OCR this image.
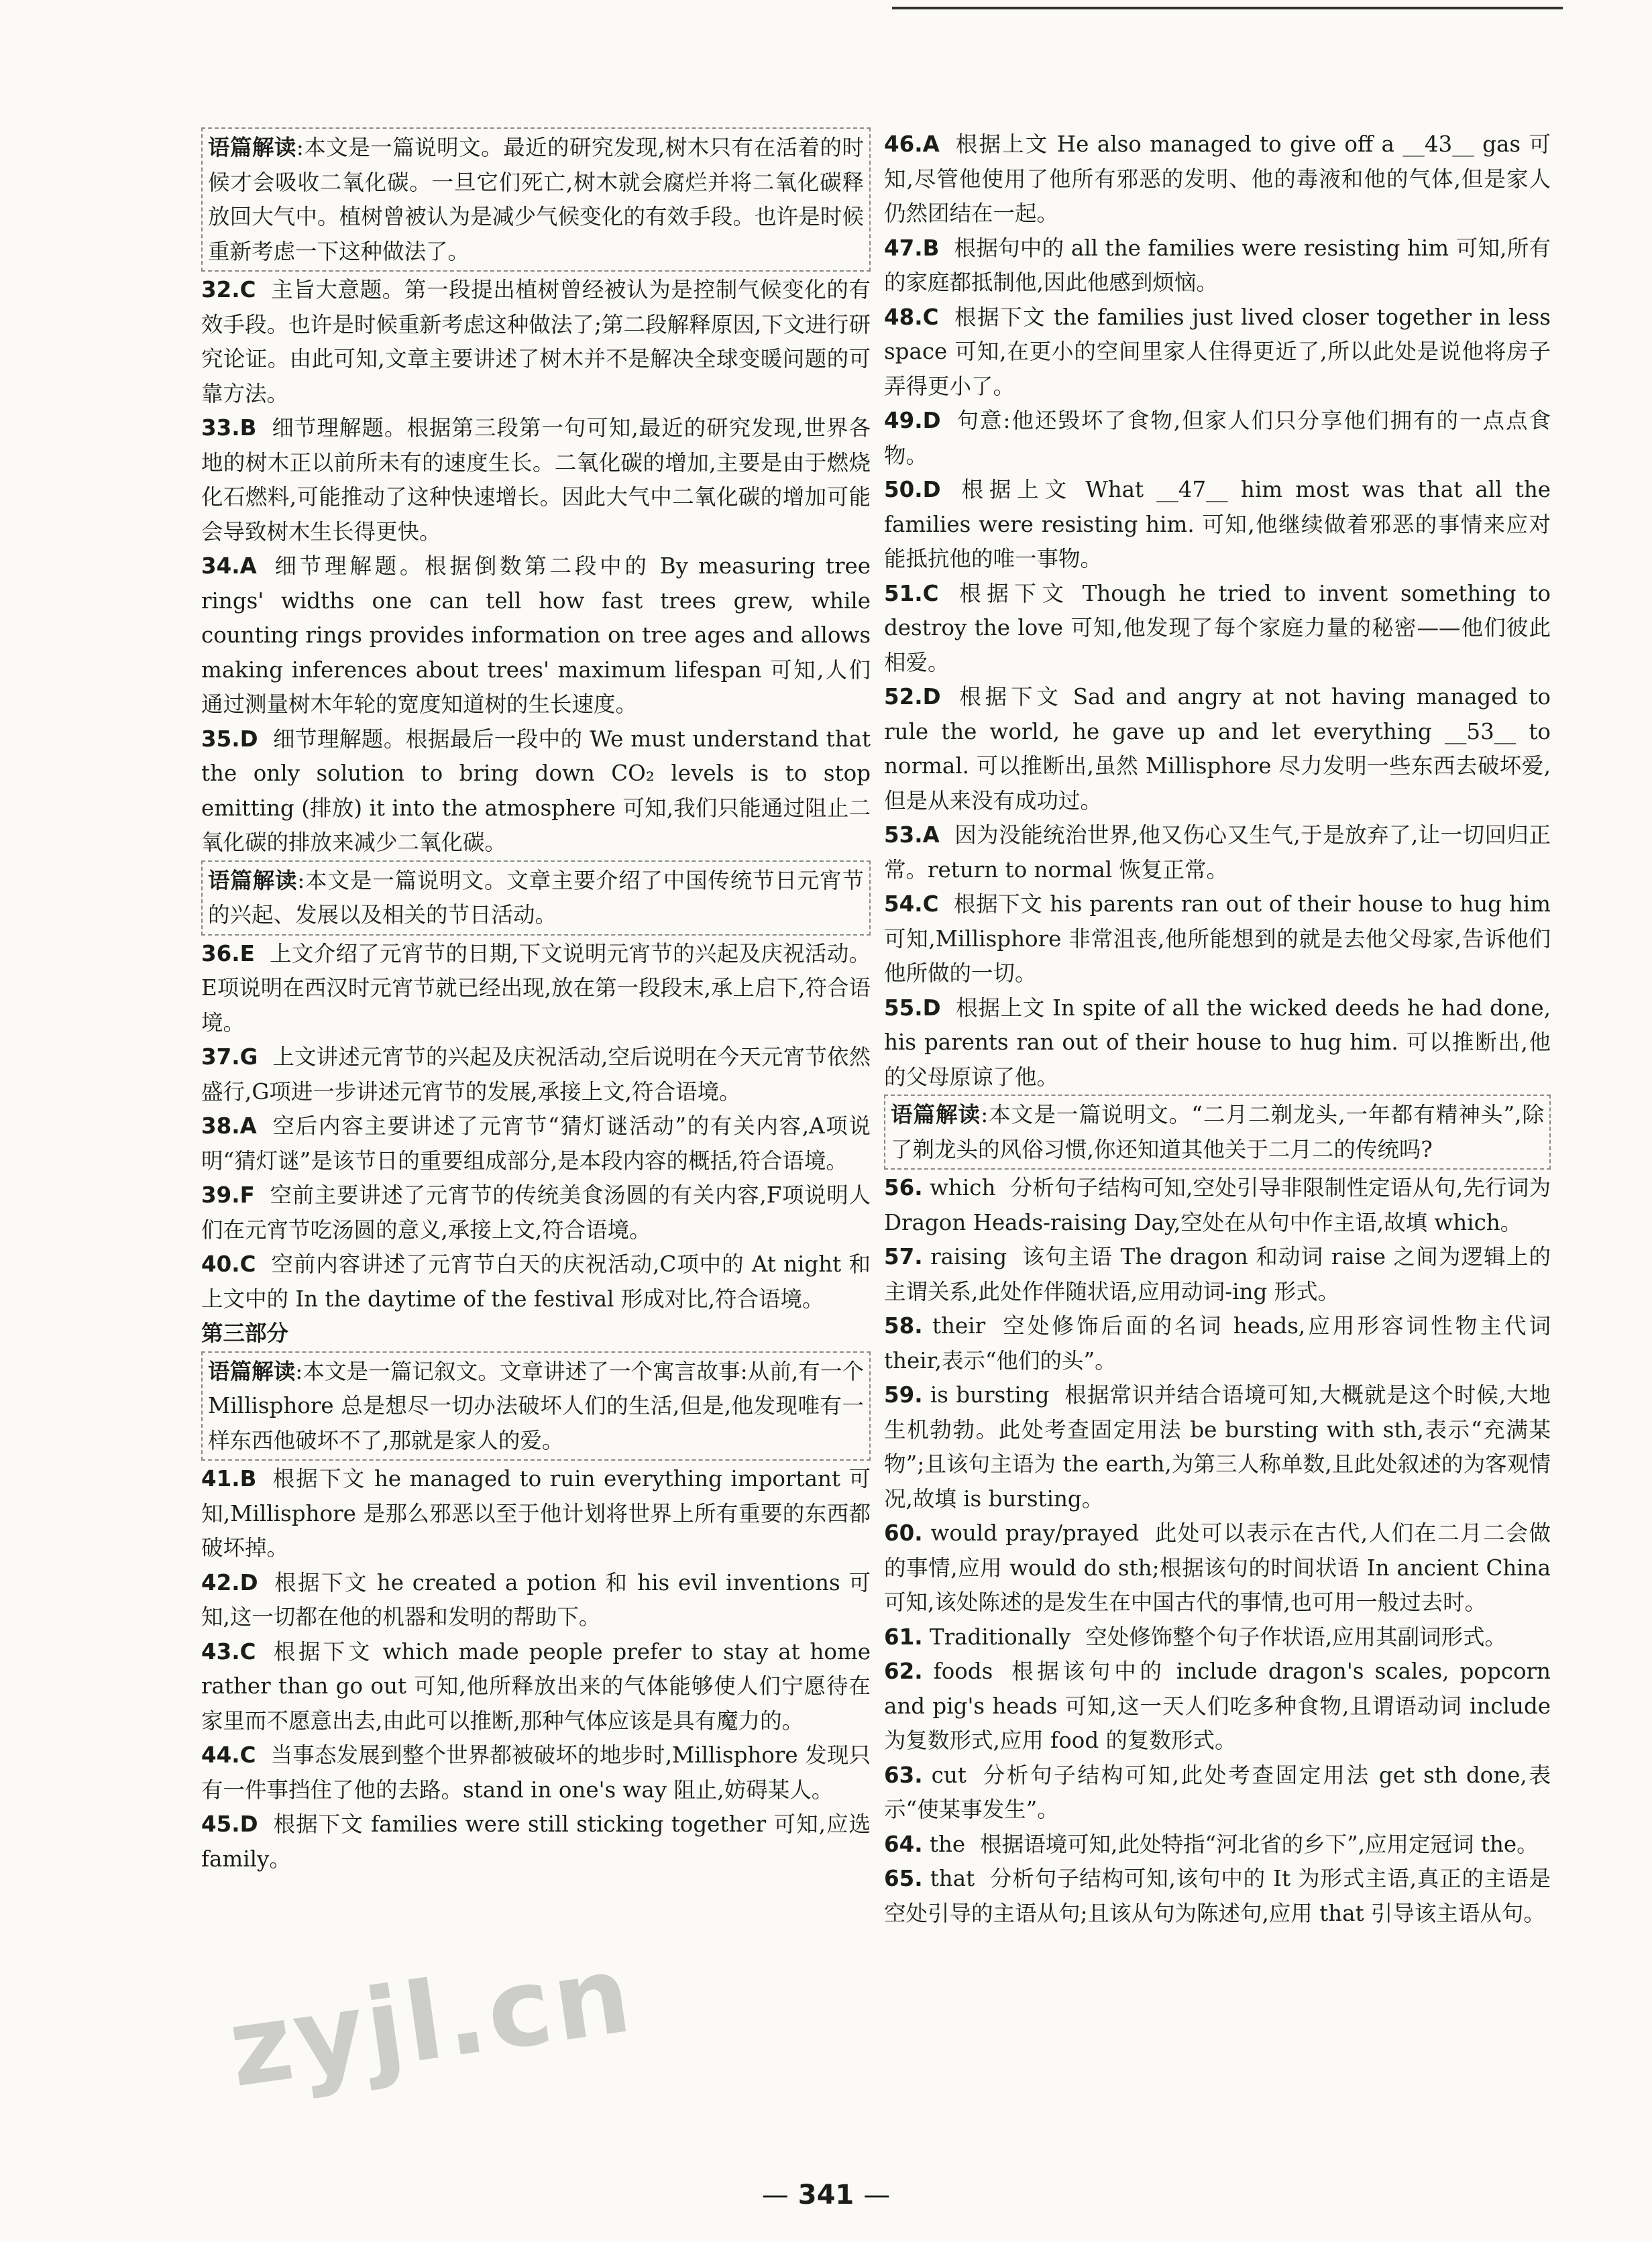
语篇解读:本文是一篇说明文。最近的研究发现,树木只有在活着的时候才会吸收二氧化碳。一旦它们死亡,树木就会腐烂并将二氧化碳释放回大气中。植树曾被认为是减少气候变化的有效手段。也许是时候重新考虑一下这种做法了。
32.C 主旨大意题。第一段提出植树曾经被认为是控制气候变化的有效手段。也许是时候重新考虑这种做法了;第二段解释原因,下文进行研究论证。由此可知,文章主要讲述了树木并不是解决全球变暖问题的可靠方法。
33.B 细节理解题。根据第三段第一句可知,最近的研究发现,世界各地的树木正以前所未有的速度生长。二氧化碳的增加,主要是由于燃烧化石燃料,可能推动了这种快速增长。因此大气中二氧化碳的增加可能会导致树木生长得更快。
34.A 细节理解题。根据倒数第二段中的 By measuring tree rings' widths one can tell how fast trees grew, while counting rings provides information on tree ages and allows making inferences about trees' maximum lifespan 可知,人们通过测量树木年轮的宽度知道树的生长速度。
35.D 细节理解题。根据最后一段中的 We must understand that the only solution to bring down CO₂ levels is to stop emitting (排放) it into the atmosphere 可知,我们只能通过阻止二氧化碳的排放来减少二氧化碳。
语篇解读:本文是一篇说明文。文章主要介绍了中国传统节日元宵节的兴起、发展以及相关的节日活动。
36.E 上文介绍了元宵节的日期,下文说明元宵节的兴起及庆祝活动。E项说明在西汉时元宵节就已经出现,放在第一段段末,承上启下,符合语境。
37.G 上文讲述元宵节的兴起及庆祝活动,空后说明在今天元宵节依然盛行,G项进一步讲述元宵节的发展,承接上文,符合语境。
38.A 空后内容主要讲述了元宵节“猜灯谜活动”的有关内容,A项说明“猜灯谜”是该节日的重要组成部分,是本段内容的概括,符合语境。
39.F 空前主要讲述了元宵节的传统美食汤圆的有关内容,F项说明人们在元宵节吃汤圆的意义,承接上文,符合语境。
40.C 空前内容讲述了元宵节白天的庆祝活动,C项中的 At night 和上文中的 In the daytime of the festival 形成对比,符合语境。
第三部分
语篇解读:本文是一篇记叙文。文章讲述了一个寓言故事:从前,有一个 Millisphore 总是想尽一切办法破坏人们的生活,但是,他发现唯有一样东西他破坏不了,那就是家人的爱。
41.B 根据下文 he managed to ruin everything important 可知,Millisphore 是那么邪恶以至于他计划将世界上所有重要的东西都破坏掉。
42.D 根据下文 he created a potion 和 his evil inventions 可知,这一切都在他的机器和发明的帮助下。
43.C 根据下文 which made people prefer to stay at home rather than go out 可知,他所释放出来的气体能够使人们宁愿待在家里而不愿意出去,由此可以推断,那种气体应该是具有魔力的。
44.C 当事态发展到整个世界都被破坏的地步时,Millisphore 发现只有一件事挡住了他的去路。stand in one's way 阻止,妨碍某人。
45.D 根据下文 families were still sticking together 可知,应选 family。
46.A 根据上文 He also managed to give off a __43__ gas 可知,尽管他使用了他所有邪恶的发明、他的毒液和他的气体,但是家人仍然团结在一起。
47.B 根据句中的 all the families were resisting him 可知,所有的家庭都抵制他,因此他感到烦恼。
48.C 根据下文 the families just lived closer together in less space 可知,在更小的空间里家人住得更近了,所以此处是说他将房子弄得更小了。
49.D 句意:他还毁坏了食物,但家人们只分享他们拥有的一点点食物。
50.D 根据上文 What __47__ him most was that all the families were resisting him. 可知,他继续做着邪恶的事情来应对能抵抗他的唯一事物。
51.C 根据下文 Though he tried to invent something to destroy the love 可知,他发现了每个家庭力量的秘密——他们彼此相爱。
52.D 根据下文 Sad and angry at not having managed to rule the world, he gave up and let everything __53__ to normal. 可以推断出,虽然 Millisphore 尽力发明一些东西去破坏爱,但是从来没有成功过。
53.A 因为没能统治世界,他又伤心又生气,于是放弃了,让一切回归正常。return to normal 恢复正常。
54.C 根据下文 his parents ran out of their house to hug him 可知,Millisphore 非常沮丧,他所能想到的就是去他父母家,告诉他们他所做的一切。
55.D 根据上文 In spite of all the wicked deeds he had done, his parents ran out of their house to hug him. 可以推断出,他的父母原谅了他。
语篇解读:本文是一篇说明文。“二月二剃龙头,一年都有精神头”,除了剃龙头的风俗习惯,你还知道其他关于二月二的传统吗?
56. which 分析句子结构可知,空处引导非限制性定语从句,先行词为 Dragon Heads-raising Day,空处在从句中作主语,故填 which。
57. raising 该句主语 The dragon 和动词 raise 之间为逻辑上的主谓关系,此处作伴随状语,应用动词-ing 形式。
58. their 空处修饰后面的名词 heads,应用形容词性物主代词 their,表示“他们的头”。
59. is bursting 根据常识并结合语境可知,大概就是这个时候,大地生机勃勃。此处考查固定用法 be bursting with sth,表示“充满某物”;且该句主语为 the earth,为第三人称单数,且此处叙述的为客观情况,故填 is bursting。
60. would pray/prayed 此处可以表示在古代,人们在二月二会做的事情,应用 would do sth;根据该句的时间状语 In ancient China 可知,该处陈述的是发生在中国古代的事情,也可用一般过去时。
61. Traditionally 空处修饰整个句子作状语,应用其副词形式。
62. foods 根据该句中的 include dragon's scales, popcorn and pig's heads 可知,这一天人们吃多种食物,且谓语动词 include 为复数形式,应用 food 的复数形式。
63. cut 分析句子结构可知,此处考查固定用法 get sth done,表示“使某事发生”。
64. the 根据语境可知,此处特指“河北省的乡下”,应用定冠词 the。
65. that 分析句子结构可知,该句中的 It 为形式主语,真正的主语是空处引导的主语从句;且该从句为陈述句,应用 that 引导该主语从句。
zyjl.cn
— 341 —
